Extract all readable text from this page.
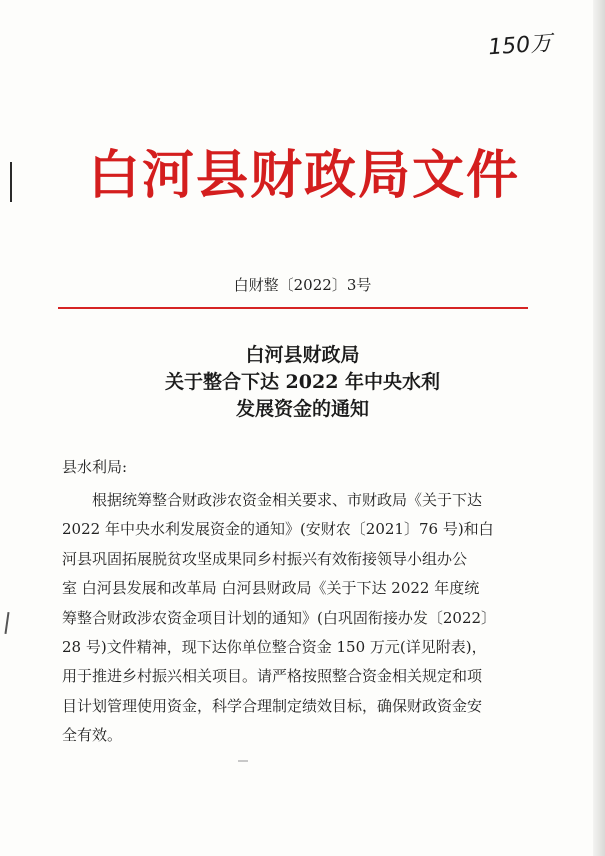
150万
白河县财政局文件
白财整〔2022〕3号
白河县财政局
关于整合下达 2022 年中央水利
发展资金的通知
县水利局:
根据统筹整合财政涉农资金相关要求、市财政局《关于下达
2022 年中央水利发展资金的通知》(安财农〔2021〕76 号)和白
河县巩固拓展脱贫攻坚成果同乡村振兴有效衔接领导小组办公
室 白河县发展和改革局 白河县财政局《关于下达 2022 年度统
筹整合财政涉农资金项目计划的通知》(白巩固衔接办发〔2022〕
28 号)文件精神，现下达你单位整合资金 150 万元(详见附表)，
用于推进乡村振兴相关项目。请严格按照整合资金相关规定和项
目计划管理使用资金，科学合理制定绩效目标，确保财政资金安
全有效。
